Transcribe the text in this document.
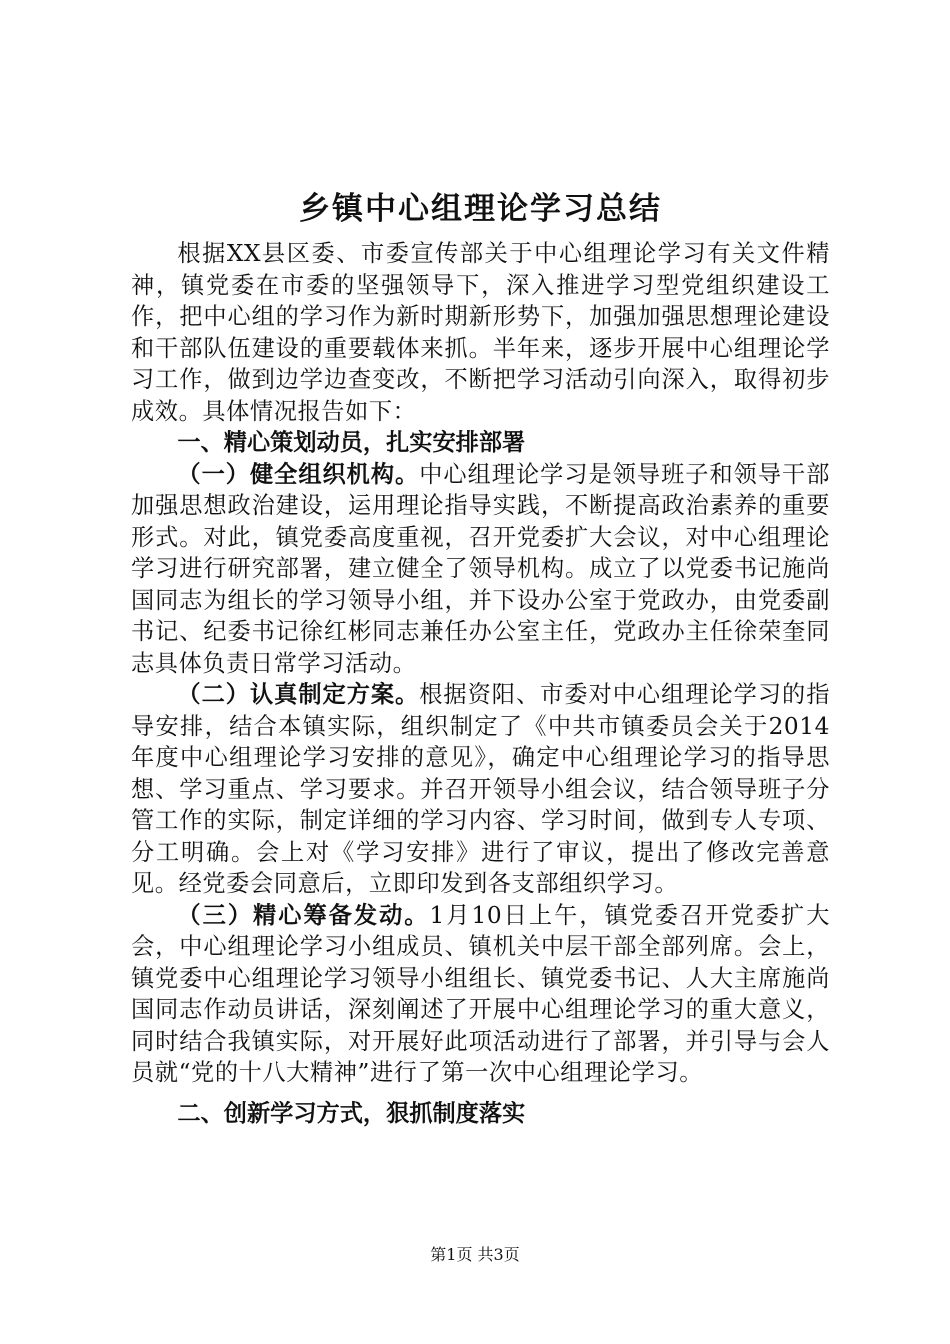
乡镇中心组理论学习总结

根据XX县区委、市委宣传部关于中心组理论学习有关文件精神，镇党委在市委的坚强领导下，深入推进学习型党组织建设工作，把中心组的学习作为新时期新形势下，加强加强思想理论建设和干部队伍建设的重要载体来抓。半年来，逐步开展中心组理论学习工作，做到边学边查变改，不断把学习活动引向深入，取得初步成效。具体情况报告如下：

一、精心策划动员，扎实安排部署

（一）健全组织机构。中心组理论学习是领导班子和领导干部加强思想政治建设，运用理论指导实践，不断提高政治素养的重要形式。对此，镇党委高度重视，召开党委扩大会议，对中心组理论学习进行研究部署，建立健全了领导机构。成立了以党委书记施尚国同志为组长的学习领导小组，并下设办公室于党政办，由党委副书记、纪委书记徐红彬同志兼任办公室主任，党政办主任徐荣奎同志具体负责日常学习活动。

（二）认真制定方案。根据资阳、市委对中心组理论学习的指导安排，结合本镇实际，组织制定了《中共市镇委员会关于2014年度中心组理论学习安排的意见》，确定中心组理论学习的指导思想、学习重点、学习要求。并召开领导小组会议，结合领导班子分管工作的实际，制定详细的学习内容、学习时间，做到专人专项、分工明确。会上对《学习安排》进行了审议，提出了修改完善意见。经党委会同意后，立即印发到各支部组织学习。

（三）精心筹备发动。1月10日上午，镇党委召开党委扩大会，中心组理论学习小组成员、镇机关中层干部全部列席。会上，镇党委中心组理论学习领导小组组长、镇党委书记、人大主席施尚国同志作动员讲话，深刻阐述了开展中心组理论学习的重大意义，同时结合我镇实际，对开展好此项活动进行了部署，并引导与会人员就“党的十八大精神”进行了第一次中心组理论学习。

二、创新学习方式，狠抓制度落实

第1页 共3页
